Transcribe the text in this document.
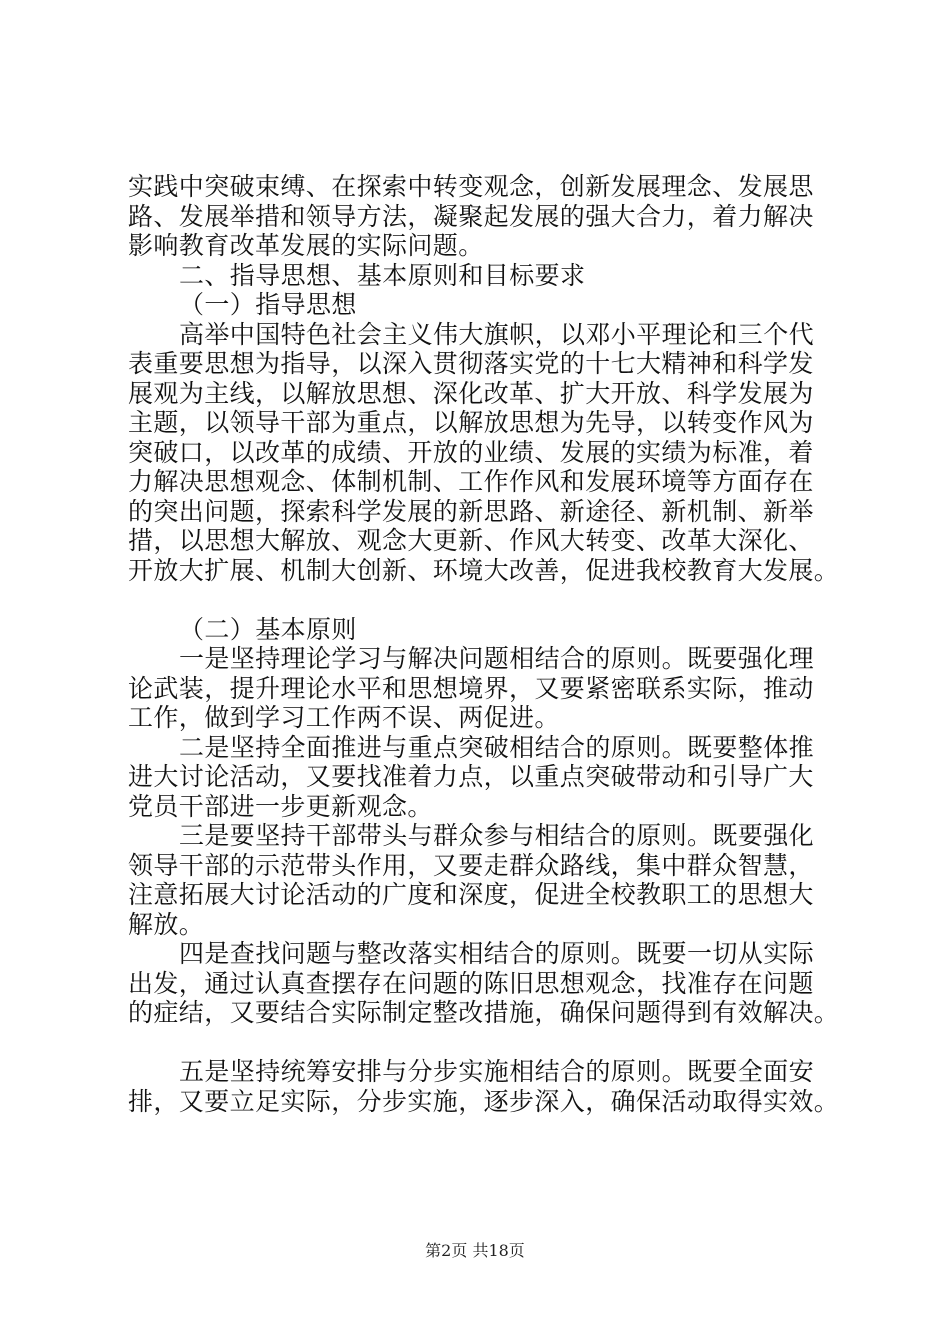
实践中突破束缚、在探索中转变观念，创新发展理念、发展思
路、发展举措和领导方法，凝聚起发展的强大合力，着力解决
影响教育改革发展的实际问题。
二、指导思想、基本原则和目标要求
（一）指导思想
高举中国特色社会主义伟大旗帜，以邓小平理论和三个代
表重要思想为指导，以深入贯彻落实党的十七大精神和科学发
展观为主线，以解放思想、深化改革、扩大开放、科学发展为
主题，以领导干部为重点，以解放思想为先导，以转变作风为
突破口，以改革的成绩、开放的业绩、发展的实绩为标准，着
力解决思想观念、体制机制、工作作风和发展环境等方面存在
的突出问题，探索科学发展的新思路、新途径、新机制、新举
措，以思想大解放、观念大更新、作风大转变、改革大深化、
开放大扩展、机制大创新、环境大改善，促进我校教育大发展。
（二）基本原则
一是坚持理论学习与解决问题相结合的原则。既要强化理
论武装，提升理论水平和思想境界，又要紧密联系实际，推动
工作，做到学习工作两不误、两促进。
二是坚持全面推进与重点突破相结合的原则。既要整体推
进大讨论活动，又要找准着力点，以重点突破带动和引导广大
党员干部进一步更新观念。
三是要坚持干部带头与群众参与相结合的原则。既要强化
领导干部的示范带头作用，又要走群众路线，集中群众智慧，
注意拓展大讨论活动的广度和深度，促进全校教职工的思想大
解放。
四是查找问题与整改落实相结合的原则。既要一切从实际
出发，通过认真查摆存在问题的陈旧思想观念，找准存在问题
的症结，又要结合实际制定整改措施，确保问题得到有效解决。
五是坚持统筹安排与分步实施相结合的原则。既要全面安
排，又要立足实际，分步实施，逐步深入，确保活动取得实效。
第2页 共18页
